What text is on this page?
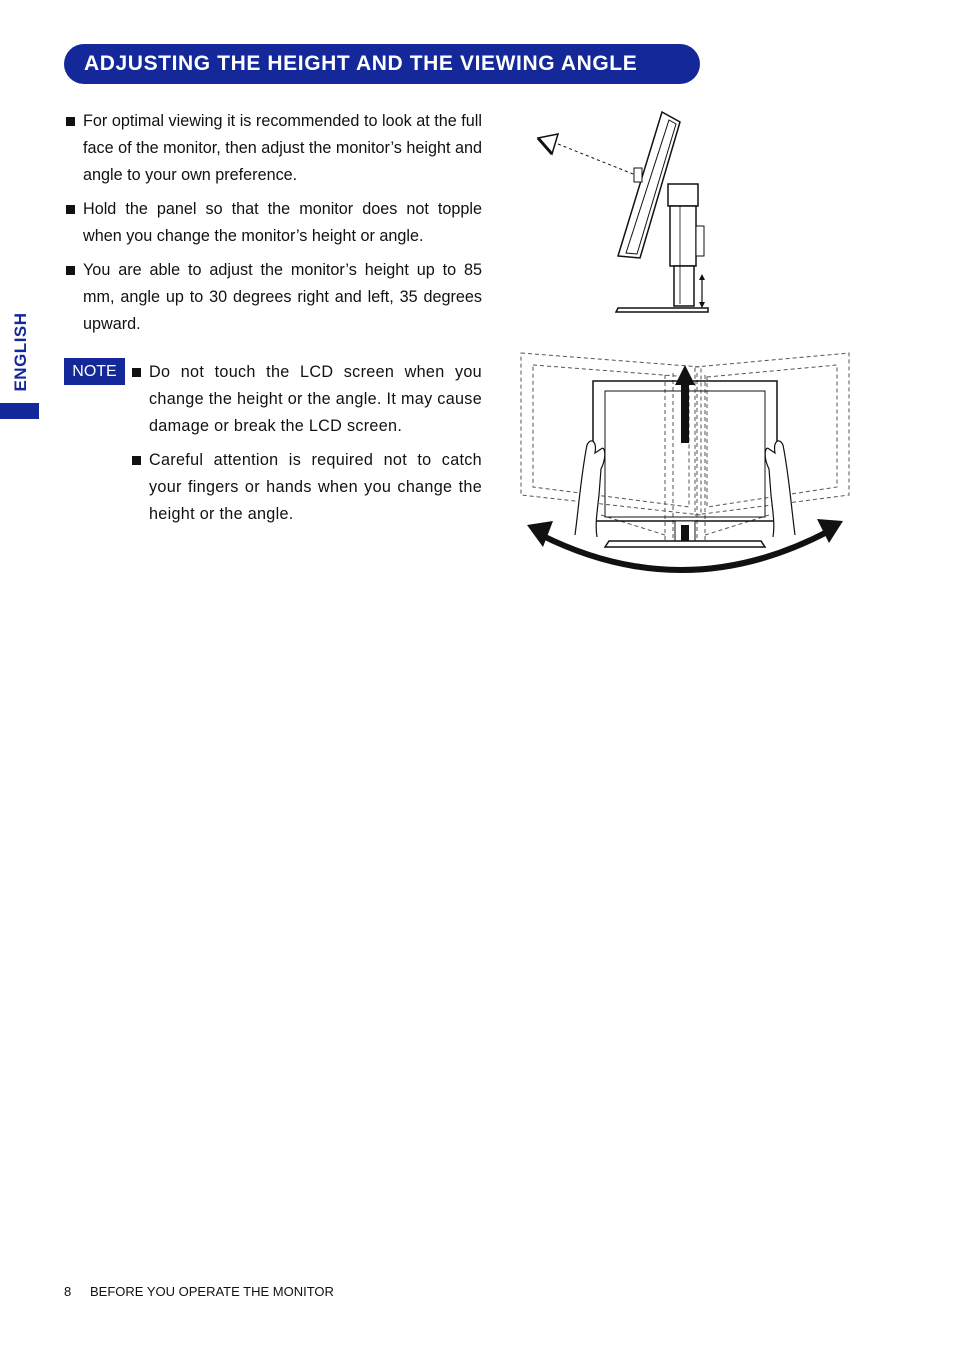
ADJUSTING THE HEIGHT AND THE VIEWING ANGLE
ENGLISH
For optimal viewing it is recommended to look at the full face of the monitor, then adjust the monitor’s height and angle to your own preference.
Hold the panel so that the monitor does not topple when you change the monitor’s height or angle.
You are able to adjust the monitor’s height up to 85 mm, angle up to 30 degrees right and left, 35 degrees upward.
NOTE	Do not touch the LCD screen when you change the height or the angle. It may cause damage or break the LCD screen.
Careful attention is required not to catch your fingers or hands when you change the height or the angle.
8 BEFORE YOU OPERATE THE MONITOR
